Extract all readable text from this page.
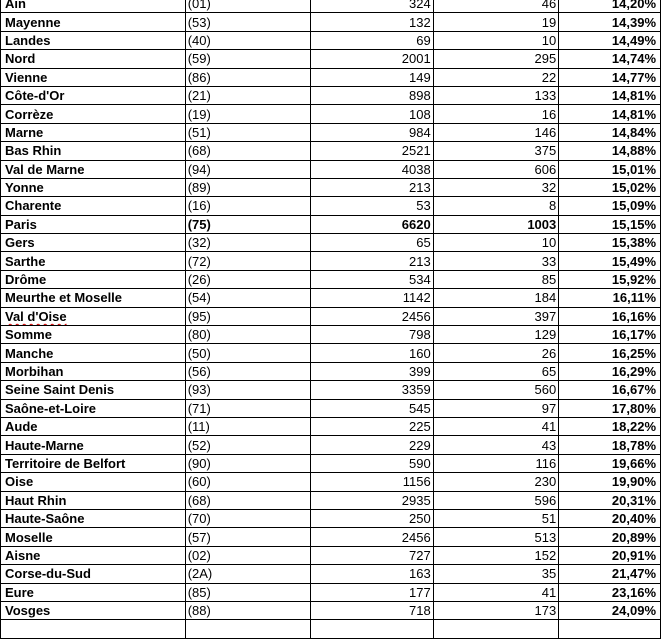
Ain	(01)	324	46	14,20%
Mayenne	(53)	132	19	14,39%
Landes	(40)	69	10	14,49%
Nord	(59)	2001	295	14,74%
Vienne	(86)	149	22	14,77%
Côte-d'Or	(21)	898	133	14,81%
Corrèze	(19)	108	16	14,81%
Marne	(51)	984	146	14,84%
Bas Rhin	(68)	2521	375	14,88%
Val de Marne	(94)	4038	606	15,01%
Yonne	(89)	213	32	15,02%
Charente	(16)	53	8	15,09%
Paris	(75)	6620	1003	15,15%
Gers	(32)	65	10	15,38%
Sarthe	(72)	213	33	15,49%
Drôme	(26)	534	85	15,92%
Meurthe et Moselle	(54)	1142	184	16,11%
Val d'Oise	(95)	2456	397	16,16%
Somme	(80)	798	129	16,17%
Manche	(50)	160	26	16,25%
Morbihan	(56)	399	65	16,29%
Seine Saint Denis	(93)	3359	560	16,67%
Saône-et-Loire	(71)	545	97	17,80%
Aude	(11)	225	41	18,22%
Haute-Marne	(52)	229	43	18,78%
Territoire de Belfort	(90)	590	116	19,66%
Oise	(60)	1156	230	19,90%
Haut Rhin	(68)	2935	596	20,31%
Haute-Saône	(70)	250	51	20,40%
Moselle	(57)	2456	513	20,89%
Aisne	(02)	727	152	20,91%
Corse-du-Sud	(2A)	163	35	21,47%
Eure	(85)	177	41	23,16%
Vosges	(88)	718	173	24,09%
